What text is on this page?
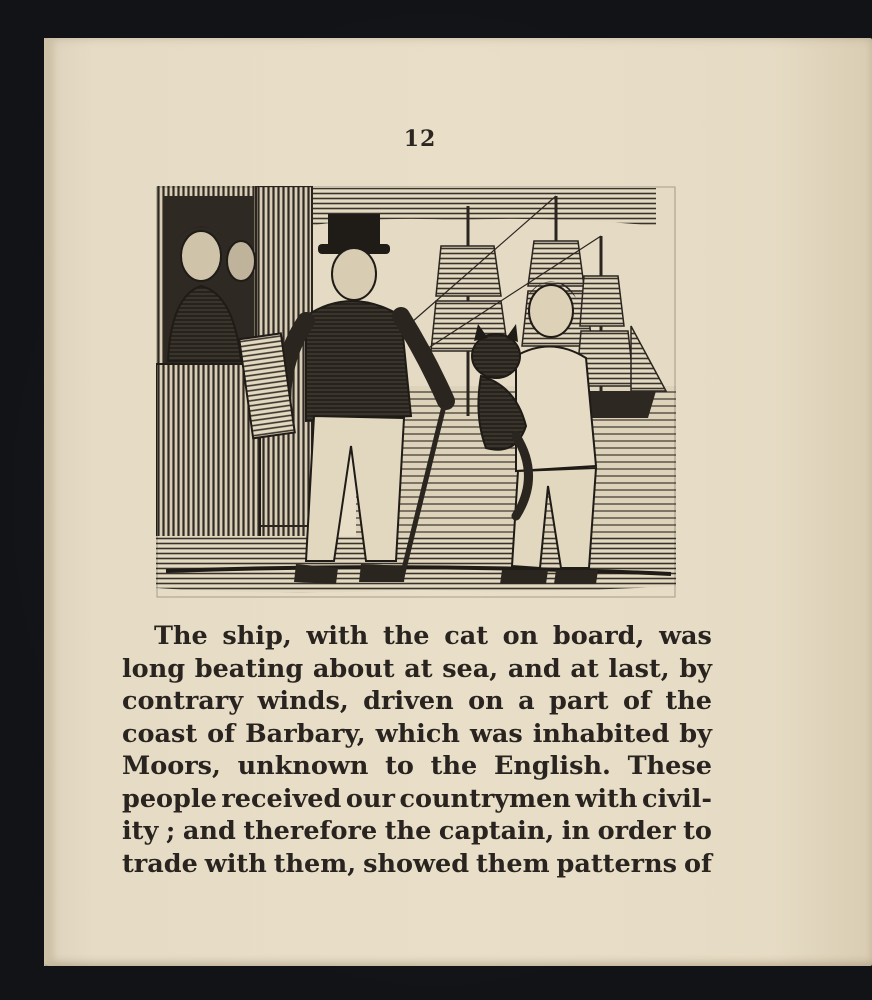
12
The ship, with the cat on board, was
long beating about at sea, and at last, by
contrary winds, driven on a part of the
coast of Barbary, which was inhabited by
Moors, unknown to the English. These
people received our countrymen with civil-
ity ; and therefore the captain, in order to
trade with them, showed them patterns of
